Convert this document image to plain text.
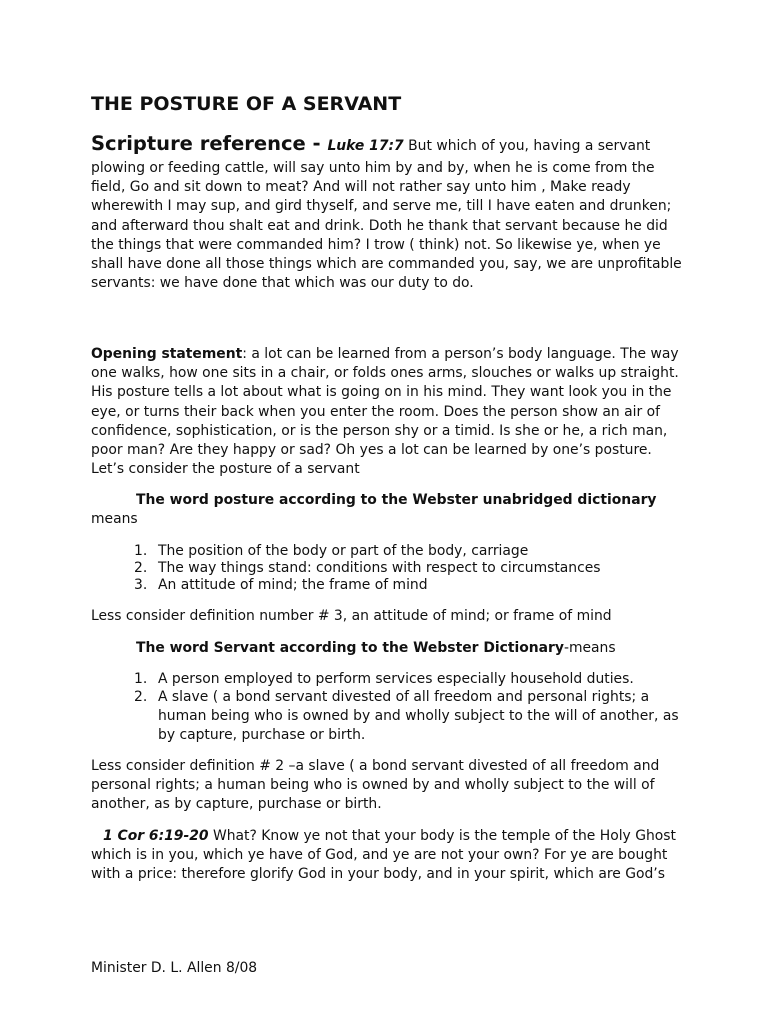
THE POSTURE OF A SERVANT
Scripture reference - Luke 17:7 But which of you, having a servant
plowing or feeding cattle, will say unto him by and by, when he is come from the
field, Go and sit down to meat? And will not rather say unto him , Make ready
wherewith I may sup, and gird thyself, and serve me, till I have eaten and drunken;
and afterward thou shalt eat and drink. Doth he thank that servant because he did
the things that were commanded him? I trow ( think) not. So likewise ye, when ye
shall have done all those things which are commanded you, say, we are unprofitable
servants: we have done that which was our duty to do.
Opening statement: a lot can be learned from a person’s body language. The way
one walks, how one sits in a chair, or folds ones arms, slouches or walks up straight.
His posture tells a lot about what is going on in his mind. They want look you in the
eye, or turns their back when you enter the room. Does the person show an air of
confidence, sophistication, or is the person shy or a timid. Is she or he, a rich man,
poor man? Are they happy or sad? Oh yes a lot can be learned by one’s posture.
Let’s consider the posture of a servant
The word posture according to the Webster unabridged dictionary
means
1. The position of the body or part of the body, carriage
2. The way things stand: conditions with respect to circumstances
3. An attitude of mind; the frame of mind
Less consider definition number # 3, an attitude of mind; or frame of mind
The word Servant according to the Webster Dictionary-means
1. A person employed to perform services especially household duties.
2. A slave ( a bond servant divested of all freedom and personal rights; a
human being who is owned by and wholly subject to the will of another, as
by capture, purchase or birth.
Less consider definition # 2 –a slave ( a bond servant divested of all freedom and
personal rights; a human being who is owned by and wholly subject to the will of
another, as by capture, purchase or birth.
1 Cor 6:19-20 What? Know ye not that your body is the temple of the Holy Ghost
which is in you, which ye have of God, and ye are not your own? For ye are bought
with a price: therefore glorify God in your body, and in your spirit, which are God’s
Minister D. L. Allen 8/08
